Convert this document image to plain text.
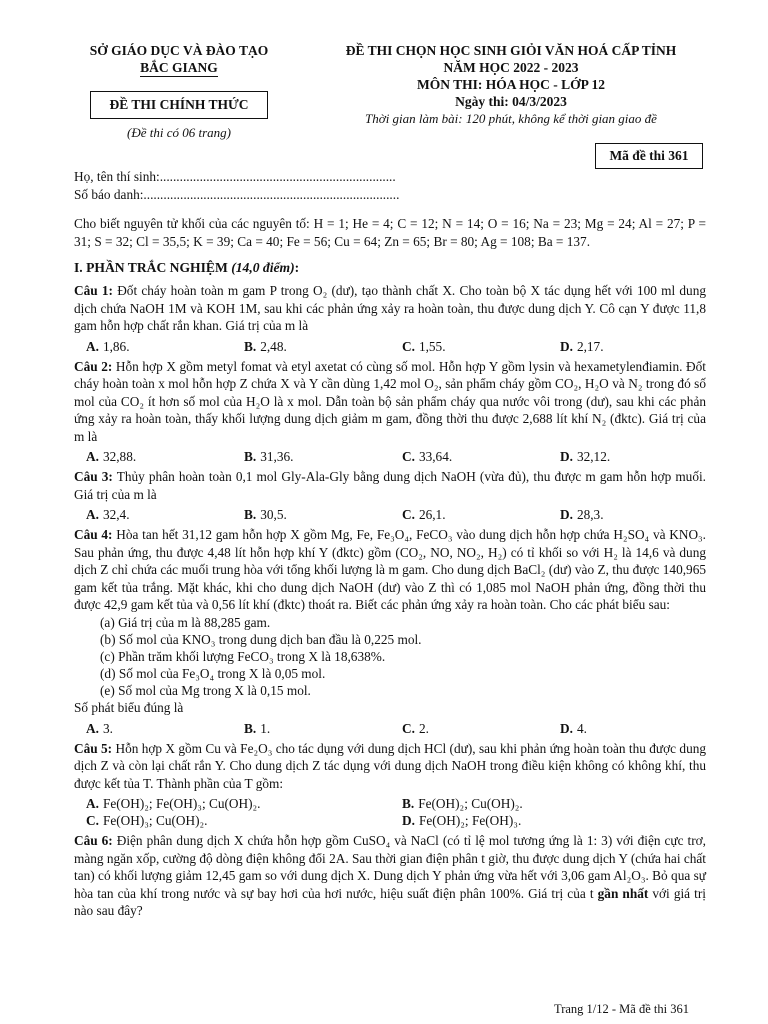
SỞ GIÁO DỤC VÀ ĐÀO TẠO
BẮC GIANG
ĐỀ THI CHÍNH THỨC
(Đề thi có 06 trang)
ĐỀ THI CHỌN HỌC SINH GIỎI VĂN HOÁ CẤP TỈNH
NĂM HỌC 2022 - 2023
MÔN THI: HÓA HỌC - LỚP 12
Ngày thi: 04/3/2023
Thời gian làm bài: 120 phút, không kể thời gian giao đề
Mã đề thi 361
Họ, tên thí sinh:.......................................................................
Số báo danh:.............................................................................
Cho biết nguyên tử khối của các nguyên tố: H = 1; He = 4; C = 12; N = 14; O = 16; Na = 23; Mg = 24; Al = 27; P = 31; S = 32; Cl = 35,5; K = 39; Ca = 40; Fe = 56; Cu = 64; Zn = 65; Br = 80; Ag = 108; Ba = 137.
I. PHẦN TRẮC NGHIỆM (14,0 điểm):
Câu 1: Đốt cháy hoàn toàn m gam P trong O₂ (dư), tạo thành chất X. Cho toàn bộ X tác dụng hết với 100 ml dung dịch chứa NaOH 1M và KOH 1M, sau khi các phản ứng xảy ra hoàn toàn, thu được dung dịch Y. Cô cạn Y được 11,8 gam hỗn hợp chất rắn khan. Giá trị của m là
A. 1,86.	B. 2,48.	C. 1,55.	D. 2,17.
Câu 2: Hỗn hợp X gồm metyl fomat và etyl axetat có cùng số mol. Hỗn hợp Y gồm lysin và hexametylenđiamin. Đốt cháy hoàn toàn x mol hỗn hợp Z chứa X và Y cần dùng 1,42 mol O₂, sản phẩm cháy gồm CO₂, H₂O và N₂ trong đó số mol của CO₂ ít hơn số mol của H₂O là x mol. Dẫn toàn bộ sản phẩm cháy qua nước vôi trong (dư), sau khi các phản ứng xảy ra hoàn toàn, thấy khối lượng dung dịch giảm m gam, đồng thời thu được 2,688 lít khí N₂ (đktc). Giá trị của m là
A. 32,88.	B. 31,36.	C. 33,64.	D. 32,12.
Câu 3: Thủy phân hoàn toàn 0,1 mol Gly-Ala-Gly bằng dung dịch NaOH (vừa đủ), thu được m gam hỗn hợp muối. Giá trị của m là
A. 32,4.	B. 30,5.	C. 26,1.	D. 28,3.
Câu 4: Hòa tan hết 31,12 gam hỗn hợp X gồm Mg, Fe, Fe₃O₄, FeCO₃ vào dung dịch hỗn hợp chứa H₂SO₄ và KNO₃. Sau phản ứng, thu được 4,48 lít hỗn hợp khí Y (đktc) gồm (CO₂, NO, NO₂, H₂) có tỉ khối so với H₂ là 14,6 và dung dịch Z chỉ chứa các muối trung hòa với tổng khối lượng là m gam. Cho dung dịch BaCl₂ (dư) vào Z, thu được 140,965 gam kết tủa trắng. Mặt khác, khi cho dung dịch NaOH (dư) vào Z thì có 1,085 mol NaOH phản ứng, đồng thời thu được 42,9 gam kết tủa và 0,56 lít khí (đktc) thoát ra. Biết các phản ứng xảy ra hoàn toàn. Cho các phát biểu sau:
(a) Giá trị của m là 88,285 gam.
(b) Số mol của KNO₃ trong dung dịch ban đầu là 0,225 mol.
(c) Phần trăm khối lượng FeCO₃ trong X là 18,638%.
(d) Số mol của Fe₃O₄ trong X là 0,05 mol.
(e) Số mol của Mg trong X là 0,15 mol.
Số phát biểu đúng là
A. 3.	B. 1.	C. 2.	D. 4.
Câu 5: Hỗn hợp X gồm Cu và Fe₂O₃ cho tác dụng với dung dịch HCl (dư), sau khi phản ứng hoàn toàn thu được dung dịch Z và còn lại chất rắn Y. Cho dung dịch Z tác dụng với dung dịch NaOH trong điều kiện không có không khí, thu được kết tủa T. Thành phần của T gồm:
A. Fe(OH)₂; Fe(OH)₃; Cu(OH)₂.	B. Fe(OH)₂; Cu(OH)₂.
C. Fe(OH)₃; Cu(OH)₂.	D. Fe(OH)₂; Fe(OH)₃.
Câu 6: Điện phân dung dịch X chứa hỗn hợp gồm CuSO₄ và NaCl (có tỉ lệ mol tương ứng là 1: 3) với điện cực trơ, màng ngăn xốp, cường độ dòng điện không đổi 2A. Sau thời gian điện phân t giờ, thu được dung dịch Y (chứa hai chất tan) có khối lượng giảm 12,45 gam so với dung dịch X. Dung dịch Y phản ứng vừa hết với 3,06 gam Al₂O₃. Bỏ qua sự hòa tan của khí trong nước và sự bay hơi của hơi nước, hiệu suất điện phân 100%. Giá trị của t gần nhất với giá trị nào sau đây?
Trang 1/12 - Mã đề thi 361
